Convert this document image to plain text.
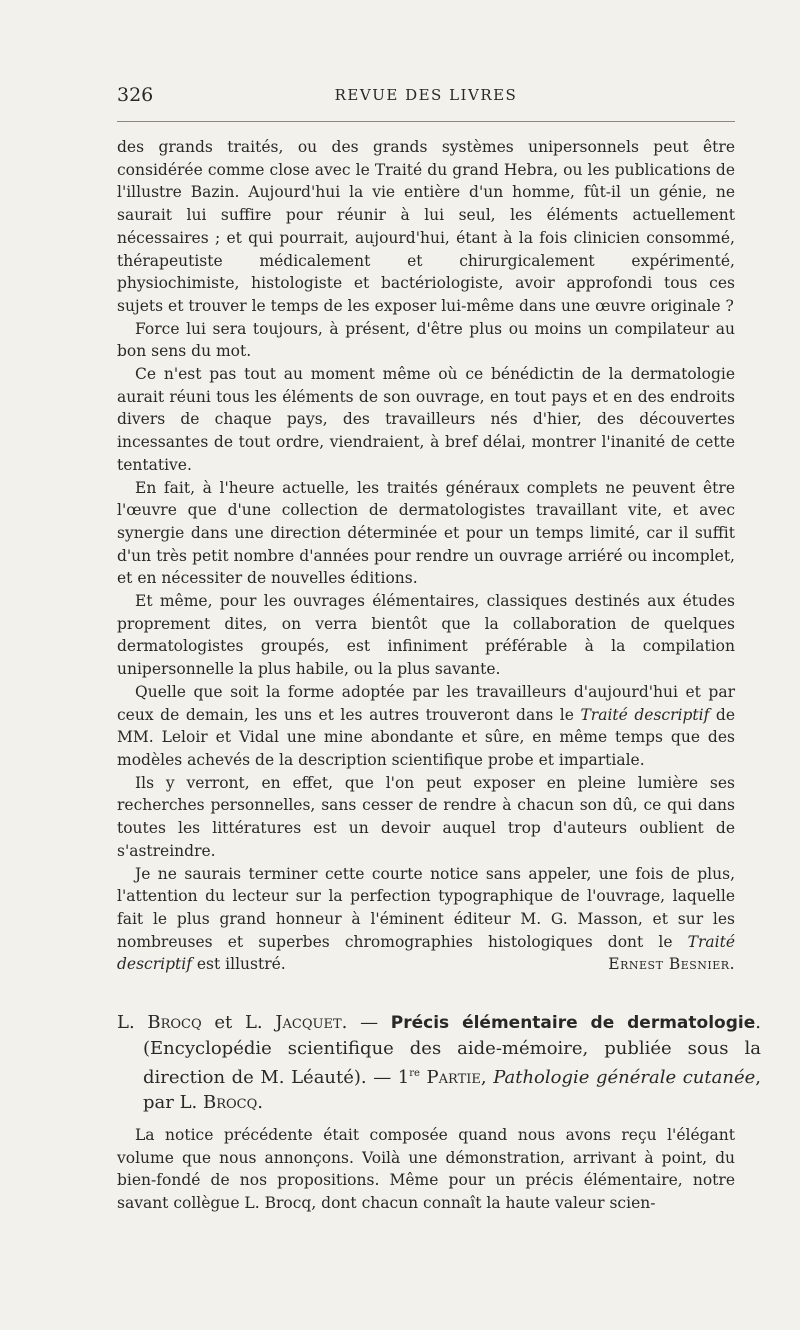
326	REVUE DES LIVRES

des grands traités, ou des grands systèmes unipersonnels peut être considérée comme close avec le Traité du grand Hebra, ou les publications de l'illustre Bazin. Aujourd'hui la vie entière d'un homme, fût-il un génie, ne saurait lui suffire pour réunir à lui seul, les éléments actuellement nécessaires ; et qui pourrait, aujourd'hui, étant à la fois clinicien consommé, thérapeutiste médicalement et chirurgicalement expérimenté, physiochimiste, histologiste et bactériologiste, avoir approfondi tous ces sujets et trouver le temps de les exposer lui-même dans une œuvre originale ?

Force lui sera toujours, à présent, d'être plus ou moins un compilateur au bon sens du mot.

Ce n'est pas tout au moment même où ce bénédictin de la dermatologie aurait réuni tous les éléments de son ouvrage, en tout pays et en des endroits divers de chaque pays, des travailleurs nés d'hier, des découvertes incessantes de tout ordre, viendraient, à bref délai, montrer l'inanité de cette tentative.

En fait, à l'heure actuelle, les traités généraux complets ne peuvent être l'œuvre que d'une collection de dermatologistes travaillant vite, et avec synergie dans une direction déterminée et pour un temps limité, car il suffit d'un très petit nombre d'années pour rendre un ouvrage arriéré ou incomplet, et en nécessiter de nouvelles éditions.

Et même, pour les ouvrages élémentaires, classiques destinés aux études proprement dites, on verra bientôt que la collaboration de quelques dermatologistes groupés, est infiniment préférable à la compilation unipersonnelle la plus habile, ou la plus savante.

Quelle que soit la forme adoptée par les travailleurs d'aujourd'hui et par ceux de demain, les uns et les autres trouveront dans le Traité descriptif de MM. Leloir et Vidal une mine abondante et sûre, en même temps que des modèles achevés de la description scientifique probe et impartiale.

Ils y verront, en effet, que l'on peut exposer en pleine lumière ses recherches personnelles, sans cesser de rendre à chacun son dû, ce qui dans toutes les littératures est un devoir auquel trop d'auteurs oublient de s'astreindre.

Je ne saurais terminer cette courte notice sans appeler, une fois de plus, l'attention du lecteur sur la perfection typographique de l'ouvrage, laquelle fait le plus grand honneur à l'éminent éditeur M. G. Masson, et sur les nombreuses et superbes chromographies histologiques dont le Traité descriptif est illustré.	Ernest Besnier.

L. Brocq et L. Jacquet. — Précis élémentaire de dermatologie. (Encyclopédie scientifique des aide-mémoire, publiée sous la direction de M. Léauté). — 1re Partie, Pathologie générale cutanée, par L. Brocq.

La notice précédente était composée quand nous avons reçu l'élégant volume que nous annonçons. Voilà une démonstration, arrivant à point, du bien-fondé de nos propositions. Même pour un précis élémentaire, notre savant collègue L. Brocq, dont chacun connaît la haute valeur scien-
